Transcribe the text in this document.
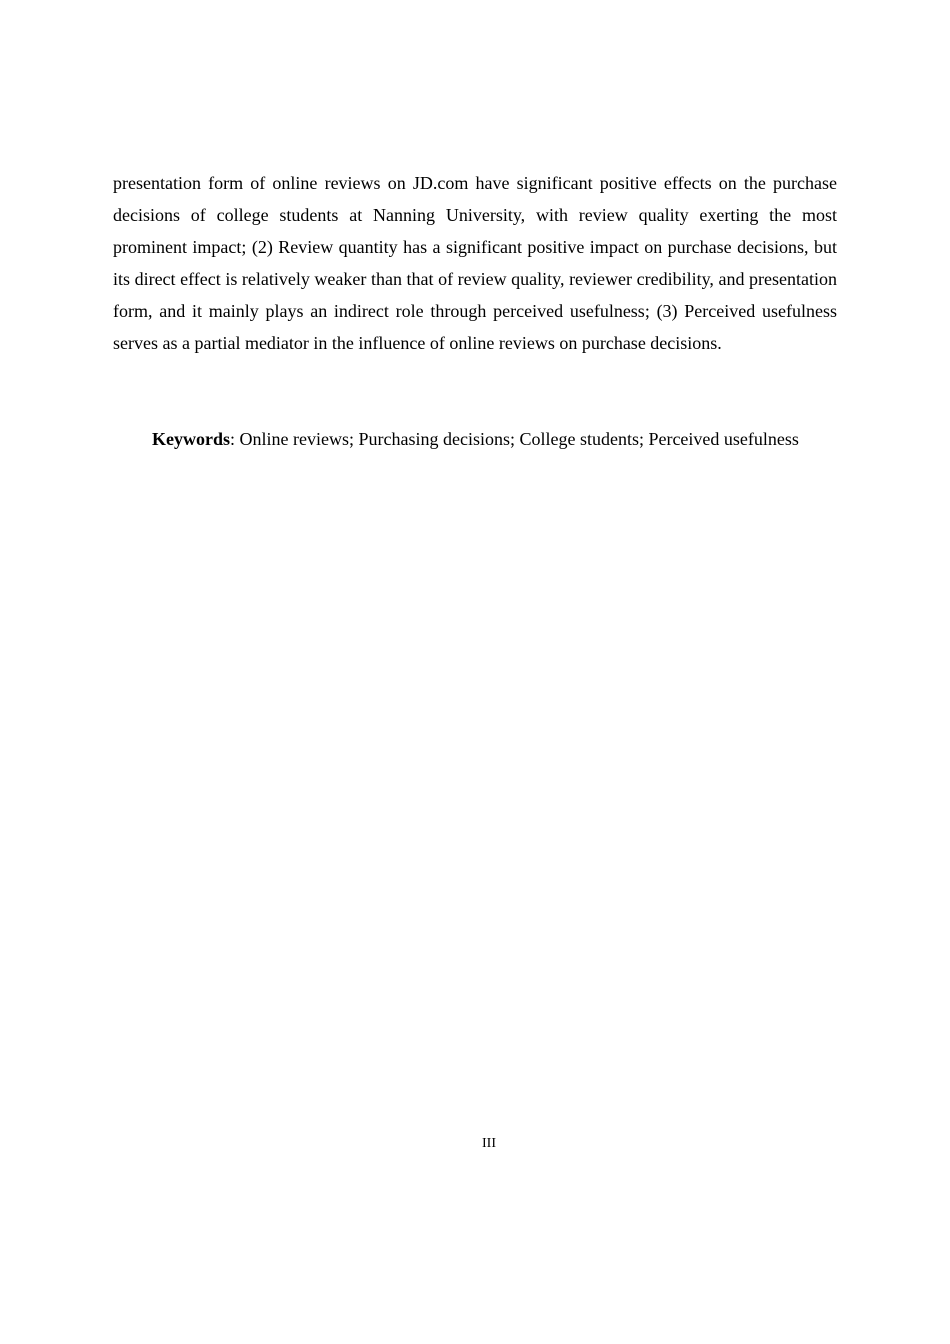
presentation form of online reviews on JD.com have significant positive effects on the purchase decisions of college students at Nanning University, with review quality exerting the most prominent impact; (2) Review quantity has a significant positive impact on purchase decisions, but its direct effect is relatively weaker than that of review quality, reviewer credibility, and presentation form, and it mainly plays an indirect role through perceived usefulness; (3) Perceived usefulness serves as a partial mediator in the influence of online reviews on purchase decisions.

Keywords: Online reviews; Purchasing decisions; College students; Perceived usefulness

III
